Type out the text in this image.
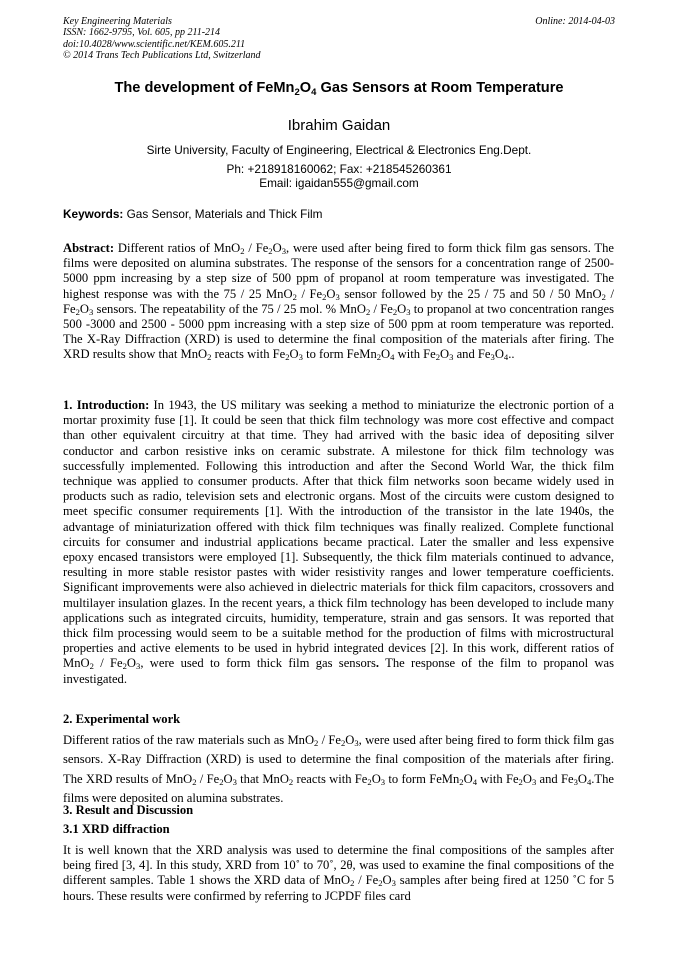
Key Engineering Materials
ISSN: 1662-9795, Vol. 605, pp 211-214
doi:10.4028/www.scientific.net/KEM.605.211
© 2014 Trans Tech Publications Ltd, Switzerland
Online: 2014-04-03
The development of $FeMn_2O_4$ Gas Sensors at Room Temperature
Ibrahim Gaidan
Sirte University, Faculty of Engineering, Electrical & Electronics Eng.Dept.
Ph: +218918160062; Fax: +218545260361
Email: igaidan555@gmail.com
Keywords: Gas Sensor, Materials and Thick Film
Abstract: Different ratios of $MnO_2 / Fe_2O_3$, were used after being fired to form thick film gas sensors. The films were deposited on alumina substrates. The response of the sensors for a concentration range of 2500-5000 ppm increasing by a step size of 500 ppm of propanol at room temperature was investigated. The highest response was with the 75 / 25 $MnO_2 / Fe_2O_3$ sensor followed by the 25 / 75 and 50 / 50 $MnO_2 / Fe_2O_3$ sensors. The repeatability of the 75 / 25 mol. % $MnO_2 / Fe_2O_3$ to propanol at two concentration ranges 500 -3000 and 2500 - 5000 ppm increasing with a step size of 500 ppm at room temperature was reported. The X-Ray Diffraction (XRD) is used to determine the final composition of the materials after firing. The XRD results show that MnO$_2$ reacts with $Fe_2O_3$ to form $FeMn_2O_4$ with $Fe_2O_3$ and $Fe_3O_4$..
1. Introduction: In 1943, the US military was seeking a method to miniaturize the electronic portion of a mortar proximity fuse [1]. It could be seen that thick film technology was more cost effective and compact than other equivalent circuitry at that time. They had arrived with the basic idea of depositing silver conductor and carbon resistive inks on ceramic substrate. A milestone for thick film technology was successfully implemented. Following this introduction and after the Second World War, the thick film technique was applied to consumer products. After that thick film networks soon became widely used in products such as radio, television sets and electronic organs. Most of the circuits were custom designed to meet specific consumer requirements [1]. With the introduction of the transistor in the late 1940s, the advantage of miniaturization offered with thick film techniques was finally realized. Complete functional circuits for consumer and industrial applications became practical. Later the smaller and less expensive epoxy encased transistors were employed [1]. Subsequently, the thick film materials continued to advance, resulting in more stable resistor pastes with wider resistivity ranges and lower temperature coefficients. Significant improvements were also achieved in dielectric materials for thick film capacitors, crossovers and multilayer insulation glazes. In the recent years, a thick film technology has been developed to include many applications such as integrated circuits, humidity, temperature, strain and gas sensors. It was reported that thick film processing would seem to be a suitable method for the production of films with microstructural properties and active elements to be used in hybrid integrated devices [2]. In this work, different ratios of $MnO_2 / Fe_2O_3$, were used to form thick film gas sensors. The response of the film to propanol was investigated.
2. Experimental work
Different ratios of the raw materials such as $MnO_2 / Fe_2O_3$, were used after being fired to form thick film gas sensors. X-Ray Diffraction (XRD) is used to determine the final composition of the materials after firing. The XRD results of $MnO_2 / Fe_2O_3$ that MnO$_2$ reacts with $Fe_2O_3$ to form $FeMn_2O_4$ with $Fe_2O_3$ and $Fe_3O_4.The$ films were deposited on alumina substrates.
3. Result and Discussion
3.1 XRD diffraction
It is well known that the XRD analysis was used to determine the final compositions of the samples after being fired [3, 4]. In this study, XRD from 10˚ to 70˚, 2θ, was used to examine the final compositions of the different samples. Table 1 shows the XRD data of $MnO_2 / Fe_2O_3$ samples after being fired at 1250 ˚C for 5 hours. These results were confirmed by referring to JCPDF files card
